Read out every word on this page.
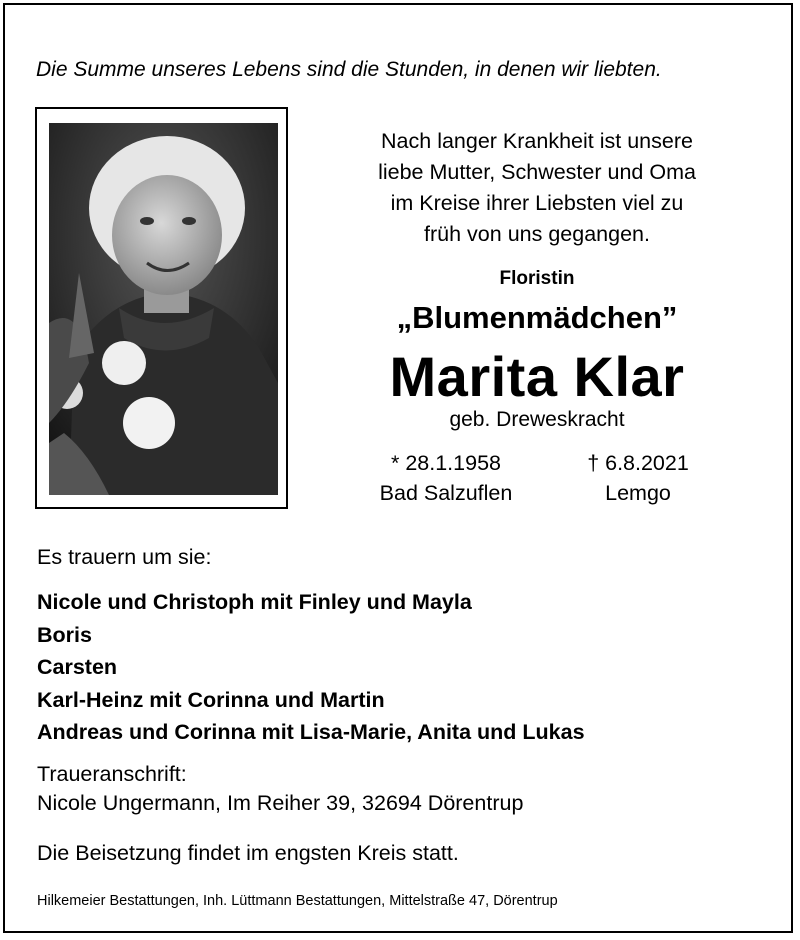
Die Summe unseres Lebens sind die Stunden, in denen wir liebten.
Nach langer Krankheit ist unsere
liebe Mutter, Schwester und Oma
im Kreise ihrer Liebsten viel zu
früh von uns gegangen.
Floristin
„Blumenmädchen”
Marita Klar
geb. Dreweskracht
* 28.1.1958
Bad Salzuflen
† 6.8.2021
Lemgo
Es trauern um sie:
Nicole und Christoph mit Finley und Mayla
Boris
Carsten
Karl-Heinz mit Corinna und Martin
Andreas und Corinna mit Lisa-Marie, Anita und Lukas
Traueranschrift:
Nicole Ungermann, Im Reiher 39, 32694 Dörentrup
Die Beisetzung findet im engsten Kreis statt.
Hilkemeier Bestattungen, Inh. Lüttmann Bestattungen, Mittelstraße 47, Dörentrup
